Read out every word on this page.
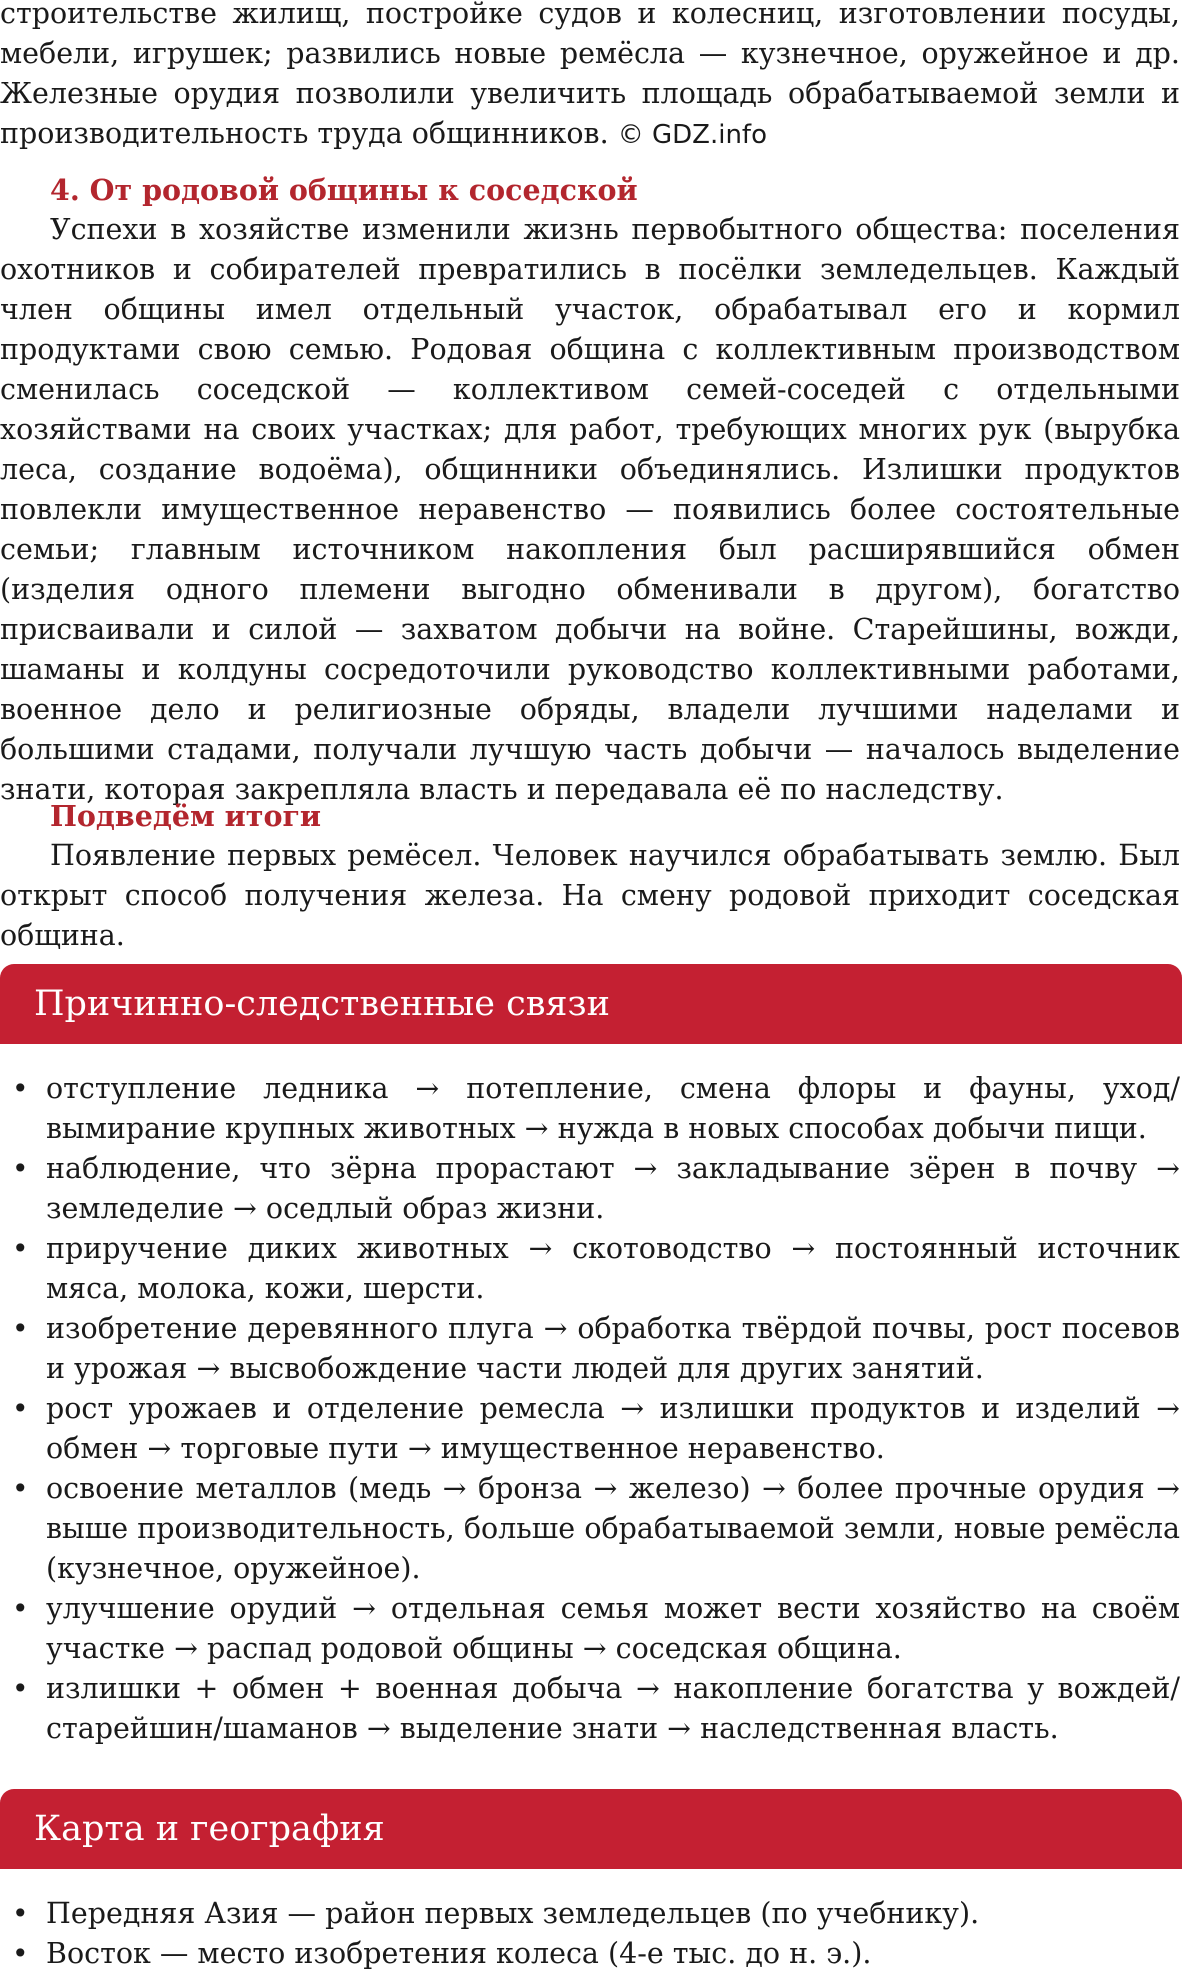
строительстве жилищ, постройке судов и колесниц, изготовлении посуды, мебели, игрушек; развились новые ремёсла — кузнечное, оружейное и др. Железные орудия позволили увеличить площадь обрабатываемой земли и производительность труда общинников. © GDZ.info

4. От родовой общины к соседской

Успехи в хозяйстве изменили жизнь первобытного общества: поселения охотников и собирателей превратились в посёлки земледельцев. Каждый член общины имел отдельный участок, обрабатывал его и кормил продуктами свою семью. Родовая община с коллективным производством сменилась соседской — коллективом семей-соседей с отдельными хозяйствами на своих участках; для работ, требующих многих рук (вырубка леса, создание водоёма), общинники объединялись. Излишки продуктов повлекли имущественное неравенство — появились более состоятельные семьи; главным источником накопления был расширявшийся обмен (изделия одного племени выгодно обменивали в другом), богатство присваивали и силой — захватом добычи на войне. Старейшины, вожди, шаманы и колдуны сосредоточили руководство коллективными работами, военное дело и религиозные обряды, владели лучшими наделами и большими стадами, получали лучшую часть добычи — началось выделение знати, которая закрепляла власть и передавала её по наследству.

Подведём итоги

Появление первых ремёсел. Человек научился обрабатывать землю. Был открыт способ получения железа. На смену родовой приходит соседская община.

Причинно-следственные связи
• отступление ледника → потепление, смена флоры и фауны, уход/вымирание крупных животных → нужда в новых способах добычи пищи.
• наблюдение, что зёрна прорастают → закладывание зёрен в почву → земледелие → оседлый образ жизни.
• приручение диких животных → скотоводство → постоянный источник мяса, молока, кожи, шерсти.
• изобретение деревянного плуга → обработка твёрдой почвы, рост посевов и урожая → высвобождение части людей для других занятий.
• рост урожаев и отделение ремесла → излишки продуктов и изделий → обмен → торговые пути → имущественное неравенство.
• освоение металлов (медь → бронза → железо) → более прочные орудия → выше производительность, больше обрабатываемой земли, новые ремёсла (кузнечное, оружейное).
• улучшение орудий → отдельная семья может вести хозяйство на своём участке → распад родовой общины → соседская община.
• излишки + обмен + военная добыча → накопление богатства у вождей/старейшин/шаманов → выделение знати → наследственная власть.
Карта и география
• Передняя Азия — район первых земледельцев (по учебнику).
• Восток — место изобретения колеса (4-е тыс. до н. э.).
